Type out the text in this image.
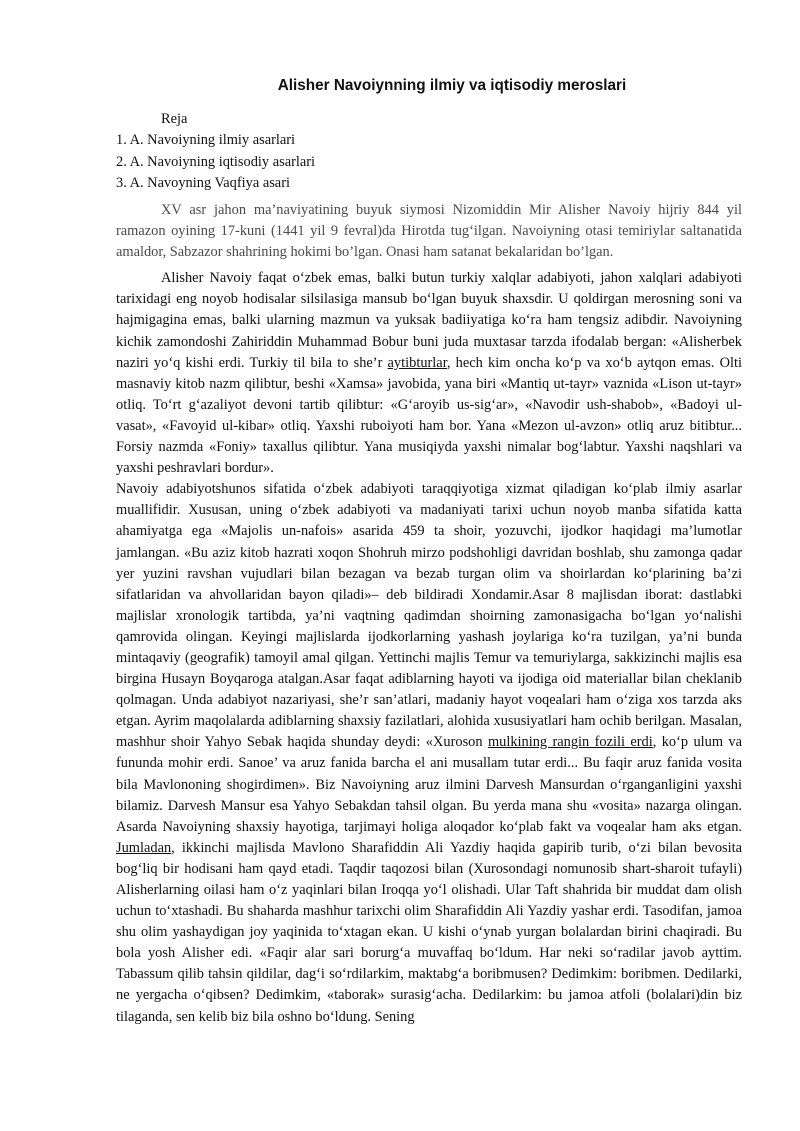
Alisher Navoiynning ilmiy va iqtisodiy meroslari
Reja
1. A. Navoiyning ilmiy asarlari
2. A. Navoiyning iqtisodiy asarlari
3. A. Navoyning Vaqfiya asari

XV asr jahon ma’naviyatining buyuk siymosi Nizomiddin Mir Alisher Navoiy hijriy 844 yil ramazon oyining 17-kuni (1441 yil 9 fevral)da Hirotda tug‘ilgan. Navoiyning otasi temiriylar saltanatida amaldor, Sabzazor shahrining hokimi bo’lgan. Onasi ham satanat bekalaridan bo’lgan.

Alisher Navoiy faqat o‘zbek emas, balki butun turkiy xalqlar adabiyoti, jahon xalqlari adabiyoti tarixidagi eng noyob hodisalar silsilasiga mansub bo‘lgan buyuk shaxsdir. U qoldirgan merosning soni va hajmigagina emas, balki ularning mazmun va yuksak badiiyatiga ko‘ra ham tengsiz adibdir. Navoiyning kichik zamondoshi Zahiriddin Muhammad Bobur buni juda muxtasar tarzda ifodalab bergan: «Alisherbek naziri yo‘q kishi erdi. Turkiy til bila to she’r aytibturlar, hech kim oncha ko‘p va xo‘b aytqon emas. Olti masnaviy kitob nazm qilibtur, beshi «Xamsa» javobida, yana biri «Mantiq ut-tayr» vaznida «Lison ut-tayr» otliq. To‘rt g‘azaliyot devoni tartib qilibtur: «G‘aroyib us-sig‘ar», «Navodir ush-shabob», «Badoyi ul-vasat», «Favoyid ul-kibar» otliq. Yaxshi ruboiyoti ham bor. Yana «Mezon ul-avzon» otliq aruz bitibtur... Forsiy nazmda «Foniy» taxallus qilibtur. Yana musiqiyda yaxshi nimalar bog‘labtur. Yaxshi naqshlari va yaxshi peshravlari bordur».

Navoiy adabiyotshunos sifatida o‘zbek adabiyoti taraqqiyotiga xizmat qiladigan ko‘plab ilmiy asarlar muallifidir. Xususan, uning o‘zbek adabiyoti va madaniyati tarixi uchun noyob manba sifatida katta ahamiyatga ega «Majolis un-nafois» asarida 459 ta shoir, yozuvchi, ijodkor haqidagi ma’lumotlar jamlangan. «Bu aziz kitob hazrati xoqon Shohruh mirzo podshohligi davridan boshlab, shu zamonga qadar yer yuzini ravshan vujudlari bilan bezagan va bezab turgan olim va shoirlardan ko‘plarining ba’zi sifatlaridan va ahvollaridan bayon qiladi»– deb bildiradi Xondamir.Asar 8 majlisdan iborat: dastlabki majlislar xronologik tartibda, ya’ni vaqtning qadimdan shoirning zamonasigacha bo‘lgan yo‘nalishi qamrovida olingan. Keyingi majlislarda ijodkorlarning yashash joylariga ko‘ra tuzilgan, ya’ni bunda mintaqaviy (geografik) tamoyil amal qilgan. Yettinchi majlis Temur va temuriylarga, sakkizinchi majlis esa birgina Husayn Boyqaroga atalgan.Asar faqat adiblarning hayoti va ijodiga oid materiallar bilan cheklanib qolmagan. Unda adabiyot nazariyasi, she’r san’atlari, madaniy hayot voqealari ham o‘ziga xos tarzda aks etgan. Ayrim maqolalarda adiblarning shaxsiy fazilatlari, alohida xususiyatlari ham ochib berilgan. Masalan, mashhur shoir Yahyo Sebak haqida shunday deydi: «Xuroson mulkining rangin fozili erdi, ko‘p ulum va fununda mohir erdi. Sanoe’ va aruz fanida barcha el ani musallam tutar erdi... Bu faqir aruz fanida vosita bila Mavlononing shogirdimen». Biz Navoiyning aruz ilmini Darvesh Mansurdan o‘rganganligini yaxshi bilamiz. Darvesh Mansur esa Yahyo Sebakdan tahsil olgan. Bu yerda mana shu «vosita» nazarga olingan. Asarda Navoiyning shaxsiy hayotiga, tarjimayi holiga aloqador ko‘plab fakt va voqealar ham aks etgan. Jumladan, ikkinchi majlisda Mavlono Sharafiddin Ali Yazdiy haqida gapirib turib, o‘zi bilan bevosita bog‘liq bir hodisani ham qayd etadi. Taqdir taqozosi bilan (Xurosondagi nomunosib shart-sharoit tufayli) Alisherlarning oilasi ham o‘z yaqinlari bilan Iroqqa yo‘l olishadi. Ular Taft shahrida bir muddat dam olish uchun to‘xtashadi. Bu shaharda mashhur tarixchi olim Sharafiddin Ali Yazdiy yashar erdi. Tasodifan, jamoa shu olim yashaydigan joy yaqinida to‘xtagan ekan. U kishi o‘ynab yurgan bolalardan birini chaqiradi. Bu bola yosh Alisher edi. «Faqir alar sari borurg‘a muvaffaq bo‘ldum. Har neki so‘radilar javob ayttim. Tabassum qilib tahsin qildilar, dag‘i so‘rdilarkim, maktabg‘a boribmusen? Dedimkim: boribmen. Dedilarki, ne yergacha o‘qibsen? Dedimkim, «taborak» surasig‘acha. Dedilarkim: bu jamoa atfoli (bolalari)din biz tilaganda, sen kelib biz bila oshno bo‘ldung. Sening
